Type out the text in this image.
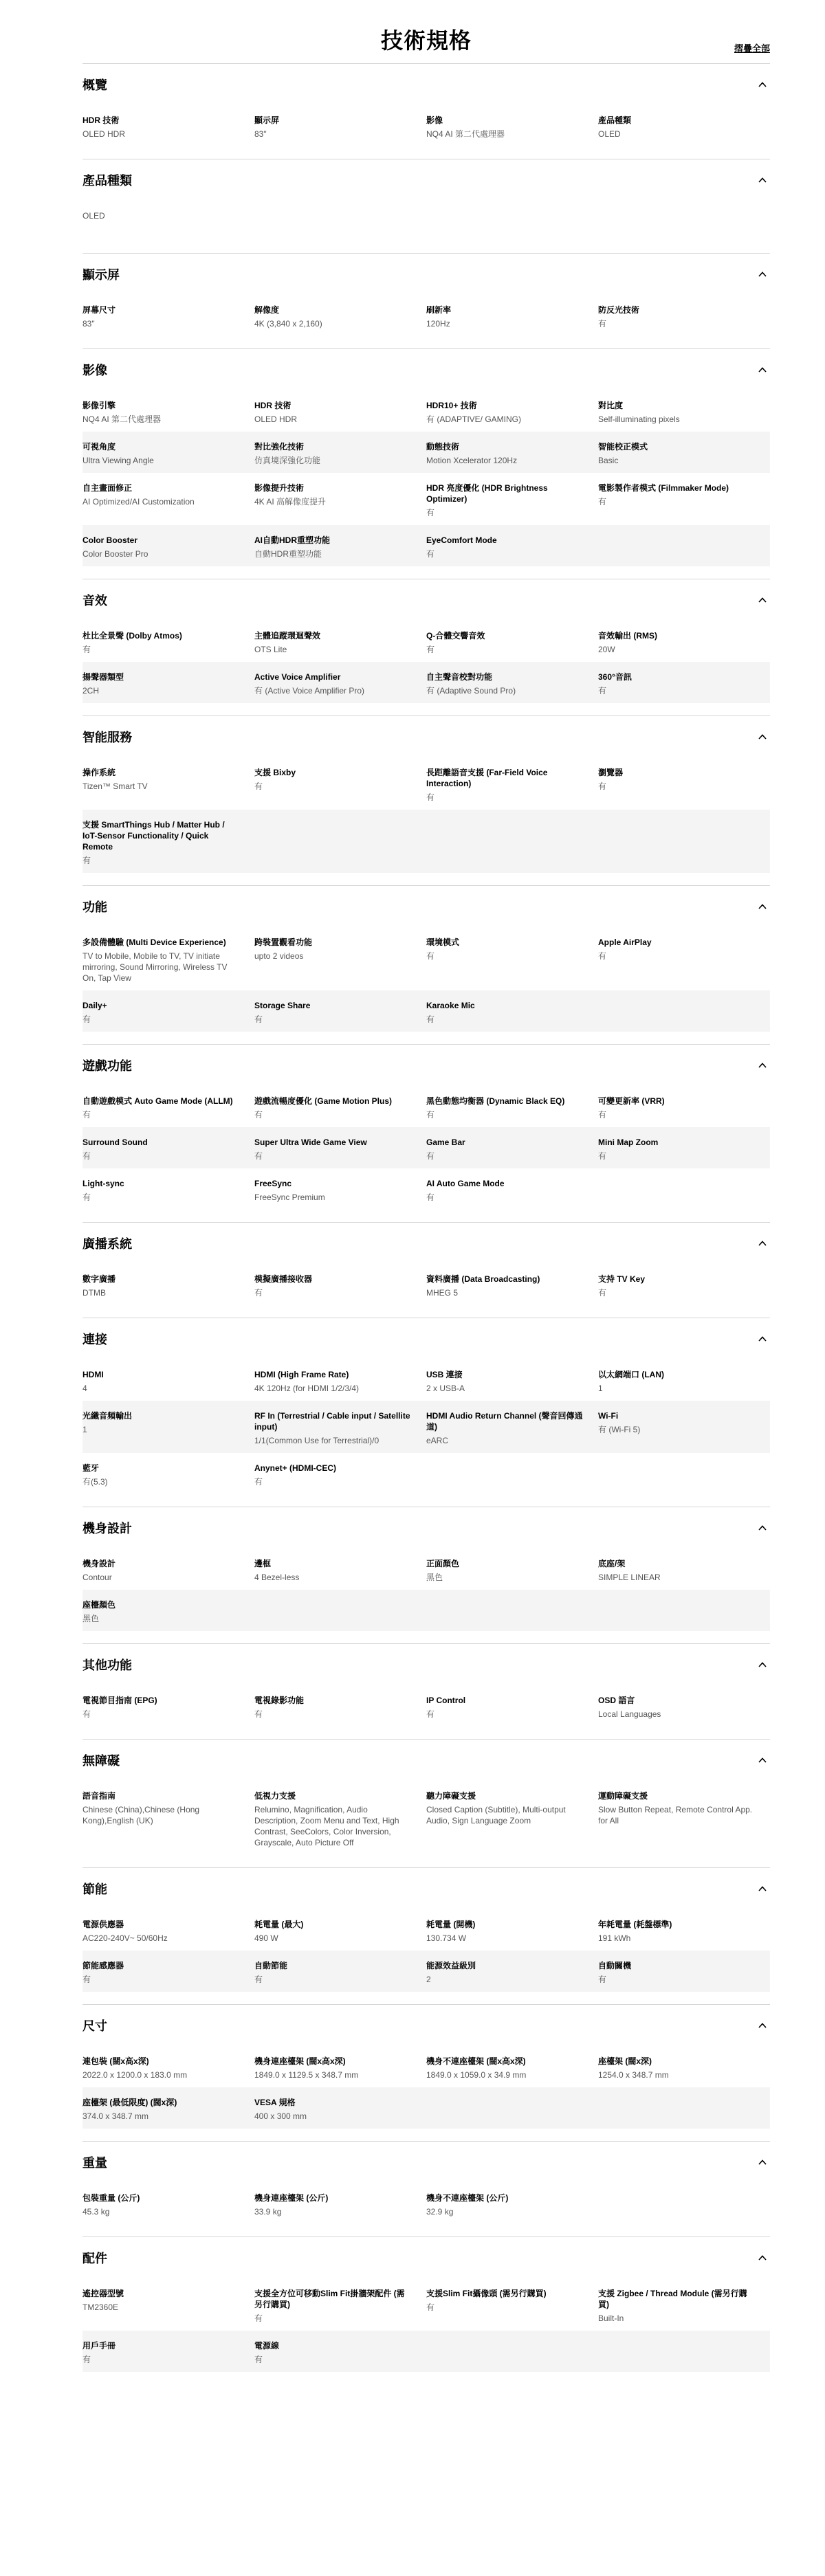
技術規格	摺疊全部
概覽
HDR 技術
OLED HDR
顯示屏
83"
影像
NQ4 AI 第二代處理器
產品種類
OLED
產品種類
OLED
顯示屏
屏幕尺寸
83"
解像度
4K (3,840 x 2,160)
刷新率
120Hz
防反光技術
有
影像
影像引擎
NQ4 AI 第二代處理器
HDR 技術
OLED HDR
HDR10+ 技術
有 (ADAPTIVE/ GAMING)
對比度
Self-illuminating pixels
可視角度
Ultra Viewing Angle
對比強化技術
仿真境深強化功能
動態技術
Motion Xcelerator 120Hz
智能校正模式
Basic
自主畫面修正
AI Optimized/AI Customization
影像提升技術
4K AI 高解像度提升
HDR 亮度優化 (HDR Brightness Optimizer)
有
電影製作者模式 (Filmmaker Mode)
有
Color Booster
Color Booster Pro
AI自動HDR重塑功能
自動HDR重塑功能
EyeComfort Mode
有
音效
杜比全景聲 (Dolby Atmos)
有
主體追蹤環迴聲效
OTS Lite
Q-合體交響音效
有
音效輸出 (RMS)
20W
揚聲器類型
2CH
Active Voice Amplifier
有 (Active Voice Amplifier Pro)
自主聲音校對功能
有 (Adaptive Sound Pro)
360°音訊
有
智能服務
操作系統
Tizen™ Smart TV
支援 Bixby
有
長距離語音支援 (Far-Field Voice Interaction)
有
瀏覽器
有
支援 SmartThings Hub / Matter Hub / IoT-Sensor Functionality / Quick Remote
有
功能
多設備體驗 (Multi Device Experience)
TV to Mobile, Mobile to TV, TV initiate mirroring, Sound Mirroring, Wireless TV On, Tap View
跨裝置觀看功能
upto 2 videos
環境模式
有
Apple AirPlay
有
Daily+
有
Storage Share
有
Karaoke Mic
有
遊戲功能
自動遊戲模式 Auto Game Mode (ALLM)
有
遊戲流暢度優化 (Game Motion Plus)
有
黑色動態均衡器 (Dynamic Black EQ)
有
可變更新率 (VRR)
有
Surround Sound
有
Super Ultra Wide Game View
有
Game Bar
有
Mini Map Zoom
有
Light-sync
有
FreeSync
FreeSync Premium
AI Auto Game Mode
有
廣播系統
數字廣播
DTMB
模擬廣播接收器
有
資料廣播 (Data Broadcasting)
MHEG 5
支持 TV Key
有
連接
HDMI
4
HDMI (High Frame Rate)
4K 120Hz (for HDMI 1/2/3/4)
USB 連接
2 x USB-A
以太網端口 (LAN)
1
光纖音頻輸出
1
RF In (Terrestrial / Cable input / Satellite input)
1/1(Common Use for Terrestrial)/0
HDMI Audio Return Channel (聲音回傳通道)
eARC
Wi-Fi
有 (Wi-Fi 5)
藍牙
有(5.3)
Anynet+ (HDMI-CEC)
有
機身設計
機身設計
Contour
邊框
4 Bezel-less
正面顏色
黑色
底座/架
SIMPLE LINEAR
座檯顏色
黑色
其他功能
電視節目指南 (EPG)
有
電視錄影功能
有
IP Control
有
OSD 語言
Local Languages
無障礙
語音指南
Chinese (China),Chinese (Hong Kong),English (UK)
低視力支援
Relumino, Magnification, Audio Description, Zoom Menu and Text, High Contrast, SeeColors, Color Inversion, Grayscale, Auto Picture Off
聽力障礙支援
Closed Caption (Subtitle), Multi-output Audio, Sign Language Zoom
運動障礙支援
Slow Button Repeat, Remote Control App. for All
節能
電源供應器
AC220-240V~ 50/60Hz
耗電量 (最大)
490 W
耗電量 (開機)
130.734 W
年耗電量 (耗盤標準)
191 kWh
節能感應器
有
自動節能
有
能源效益級別
2
自動關機
有
尺寸
連包裝 (闊x高x深)
2022.0 x 1200.0 x 183.0 mm
機身連座檯架 (闊x高x深)
1849.0 x 1129.5 x 348.7 mm
機身不連座檯架 (闊x高x深)
1849.0 x 1059.0 x 34.9 mm
座檯架 (闊x深)
1254.0 x 348.7 mm
座檯架 (最低限度) (闊x深)
374.0 x 348.7 mm
VESA 規格
400 x 300 mm
重量
包裝重量 (公斤)
45.3 kg
機身連座檯架 (公斤)
33.9 kg
機身不連座檯架 (公斤)
32.9 kg
配件
遙控器型號
TM2360E
支援全方位可移動Slim Fit掛牆架配件 (需另行購買)
有
支援Slim Fit攝像頭 (需另行購買)
有
支援 Zigbee / Thread Module (需另行購買)
Built-In
用戶手冊
有
電源線
有
